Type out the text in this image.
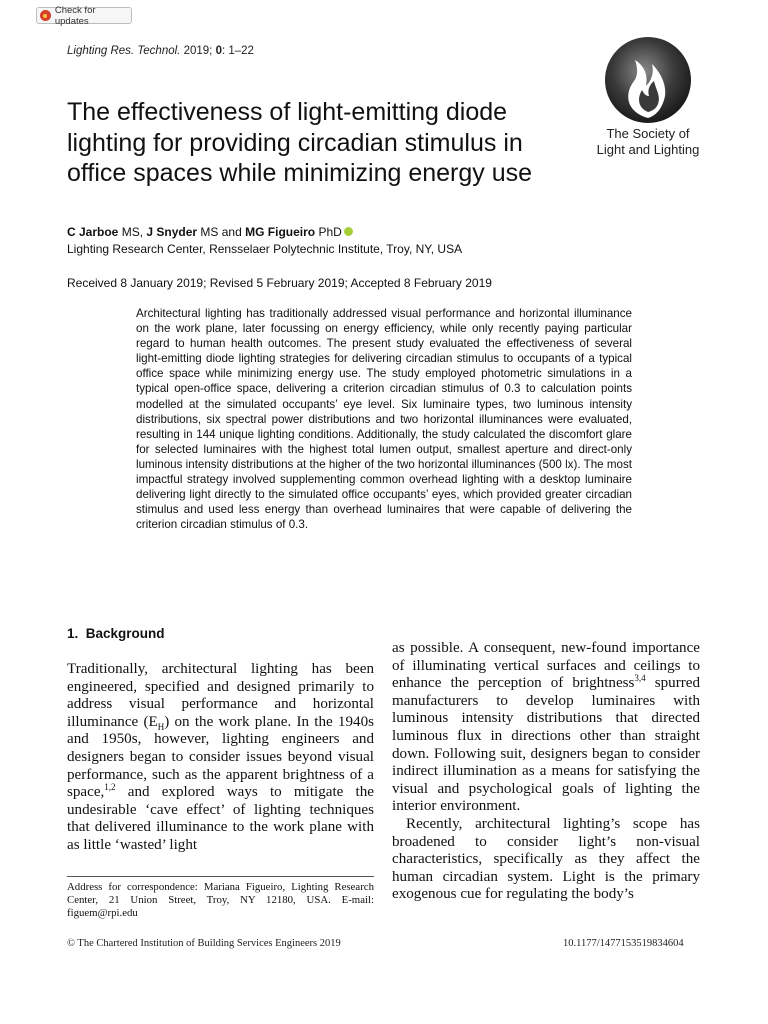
Check for updates
Lighting Res. Technol. 2019; 0: 1–22
The Society of
Light and Lighting
The effectiveness of light-emitting diode lighting for providing circadian stimulus in office spaces while minimizing energy use
C Jarboe MS, J Snyder MS and MG Figueiro PhD
Lighting Research Center, Rensselaer Polytechnic Institute, Troy, NY, USA
Received 8 January 2019; Revised 5 February 2019; Accepted 8 February 2019
Architectural lighting has traditionally addressed visual performance and horizontal illuminance on the work plane, later focussing on energy efficiency, while only recently paying particular regard to human health outcomes. The present study evaluated the effectiveness of several light-emitting diode lighting strategies for delivering circadian stimulus to occupants of a typical office space while minimizing energy use. The study employed photometric simulations in a typical open-office space, delivering a criterion circadian stimulus of 0.3 to calculation points modelled at the simulated occupants’ eye level. Six luminaire types, two luminous intensity distributions, six spectral power distributions and two horizontal illuminances were evaluated, resulting in 144 unique lighting conditions. Additionally, the study calculated the discomfort glare for selected luminaires with the highest total lumen output, smallest aperture and direct-only luminous intensity distributions at the higher of the two horizontal illuminances (500 lx). The most impactful strategy involved supplementing common overhead lighting with a desktop luminaire delivering light directly to the simulated office occupants’ eyes, which provided greater circadian stimulus and used less energy than overhead luminaires that were capable of delivering the criterion circadian stimulus of 0.3.
1. Background

Traditionally, architectural lighting has been engineered, specified and designed primarily to address visual performance and horizontal illuminance $(E_H)$ on the work plane. In the 1940s and 1950s, however, lighting engineers and designers began to consider issues beyond visual performance, such as the apparent brightness of a space,$^{1,2}$ and explored ways to mitigate the undesirable ‘cave effect’ of lighting techniques that delivered illuminance to the work plane with as little ‘wasted’ light

as possible. A consequent, new-found importance of illuminating vertical surfaces and ceilings to enhance the perception of brightness$^{3,4}$ spurred manufacturers to develop luminaires with luminous intensity distributions that directed luminous flux in directions other than straight down. Following suit, designers began to consider indirect illumination as a means for satisfying the visual and psychological goals of lighting the interior environment.

Recently, architectural lighting’s scope has broadened to consider light’s non-visual characteristics, specifically as they affect the human circadian system. Light is the primary exogenous cue for regulating the body’s

Address for correspondence: Mariana Figueiro, Lighting Research Center, 21 Union Street, Troy, NY 12180, USA. E-mail: figuem@rpi.edu
© The Chartered Institution of Building Services Engineers 2019	10.1177/1477153519834604
